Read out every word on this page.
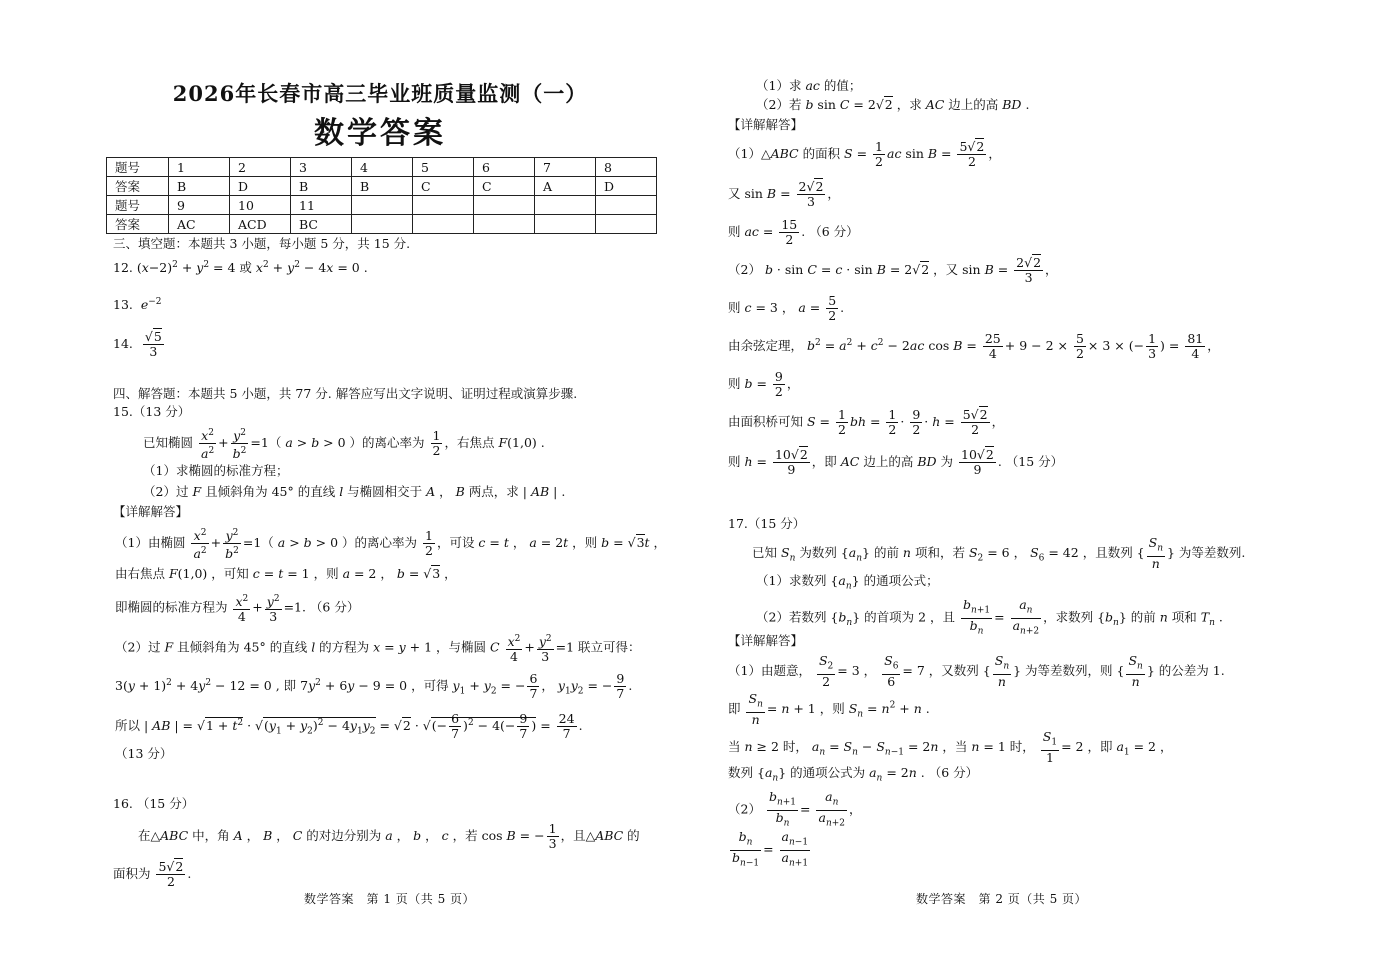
2026年长春市高三毕业班质量监测（一）
数学答案
题号	1	2	3	4	5	6	7	8
答案	B	D	B	B	C	C	A	D
题号	9	10	11					
答案	AC	ACD	BC					
三、填空题：本题共 3 小题，每小题 5 分，共 15 分.
12. $(x-2)^2 + y^2 = 4$ 或 $x^2 + y^2 - 4x = 0$ .
13. $e^{-2}$
14. $\frac{√5}{3}$
四、解答题：本题共 5 小题，共 77 分. 解答应写出文字说明、证明过程或演算步骤.
15.（13 分）
已知椭圆 $\frac{x^2}{a^2} + \frac{y^2}{b^2} =1$（ a > b > 0 ）的离心率为 $\frac{1}{2}$ ，右焦点 F(1,0) .
（1）求椭圆的标准方程；
（2）过 F 且倾斜角为 45° 的直线 l 与椭圆相交于 A ， B 两点，求 | AB | .
【详解解答】
（1）由椭圆 $\frac{x^2}{a^2} + \frac{y^2}{b^2} =1$（ a > b > 0 ）的离心率为 $\frac{1}{2}$ ，可设 c = t ， a = 2t ，则 b = √3t ，
由右焦点 F(1,0) ，可知 c = t = 1 ，则 a = 2 ， b = √3 ，
即椭圆的标准方程为 $\frac{x^2}{4} + \frac{y^2}{3} =1$. （6 分）
（2）过 F 且倾斜角为 45° 的直线 l 的方程为 x = y + 1 ，与椭圆 C $\frac{x^2}{4} + \frac{y^2}{3} =1$ 联立可得：
$3(y + 1)^2 + 4y^2 - 12 = 0$ , 即 $7y^2 + 6y - 9 = 0$ ，可得 $y_1 + y_2$ = − $\frac{6}{7}$ ， $y_1y_2$ = − $\frac{9}{7}$ .
所以 | AB | = $√1 + t^2 \cdot √(y_1 + y_2)^2 - 4y_1y_2 = √2$ · √(− $\frac{6}{7} )^2 - 4(- \frac{9}{7}$ ) = $\frac{24}{7}$ .
（13 分）
16. （15 分）
在△ABC 中，角 A ， B ， C 的对边分别为 a ， b ， c ，若 cos B = − $\frac{1}{3}$ ，且△ABC 的
面积为 $\frac{5√2}{2}$ .
数学答案　第 1 页（共 5 页）
（1）求 ac 的值；
（2）若 b sin C = 2√2 ，求 AC 边上的高 BD .
【详解解答】
（1）△ABC 的面积 $S = \frac{1}{2}$ ac $\sin B = \frac{5√2}{2}$ ，
又 $\sin B = \frac{2√2}{3}$ ，
则 ac = $\frac{15}{2}$ . （6 分）
（2） b · sin C = c · sin B = 2√2 ，又 $\sin B = \frac{2√2}{3}$ ，
则 c = 3 ， $a = \frac{5}{2}$ .
由余弦定理， $b^2 = a^2 + c^2 - 2ac$ $\cos B = \frac{25}{4} + 9 - 2 \times \frac{5}{2} \times 3$ × (− $\frac{1}{3}$ ) = $\frac{81}{4}$ ，
则 $b = \frac{9}{2}$ ，
由面积桥可知 $S = \frac{1}{2}$ bh = $\frac{1}{2} \cdot \frac{9}{2} \cdot h = \frac{5√2}{2}$ ，
则 $h = \frac{10√2}{9}$ ，即 AC 边上的高 BD 为 $\frac{10√2}{9}$ . （15 分）
17.（15 分）
已知 $S_n$ 为数列 $\{a_n\}$ 的前 n 项和，若 $S_2 = 6$ ， $S_6 = 42$ ，且数列 { $\frac{S_n}{n}$ } 为等差数列.
（1）求数列 $\{a_n\}$ 的通项公式；
（2）若数列 $\{b_n\}$ 的首项为 2 ，且 $\frac{b_{n+1}}{b_n} = \frac{a_n}{a_{n+2}}$ ，求数列 $\{b_n\}$ 的前 n 项和 $T_n$ .
【详解解答】
（1）由题意， $\frac{S_2}{2} = 3$ ， $\frac{S_6}{6} = 7$ ，又数列 { $\frac{S_n}{n}$ } 为等差数列，则 { $\frac{S_n}{n}$ } 的公差为 1.
即 $\frac{S_n}{n} = n + 1$ ，则 $S_n = n^2 + n$ .
当 n ≥ 2 时， $a_n = S_n - S_{n-1} = 2n$ ，当 n = 1 时， $\frac{S_1}{1} = 2$ ，即 $a_1 = 2$ ，
数列 $\{a_n\}$ 的通项公式为 $a_n = 2n$ . （6 分）
$(2) \frac{b_{n+1}}{b_n} = \frac{a_n}{a_{n+2}}$ ，
$\frac{b_n}{b_{n-1}} = \frac{a_{n-1}}{a_{n+1}}$
数学答案　第 2 页（共 5 页）
